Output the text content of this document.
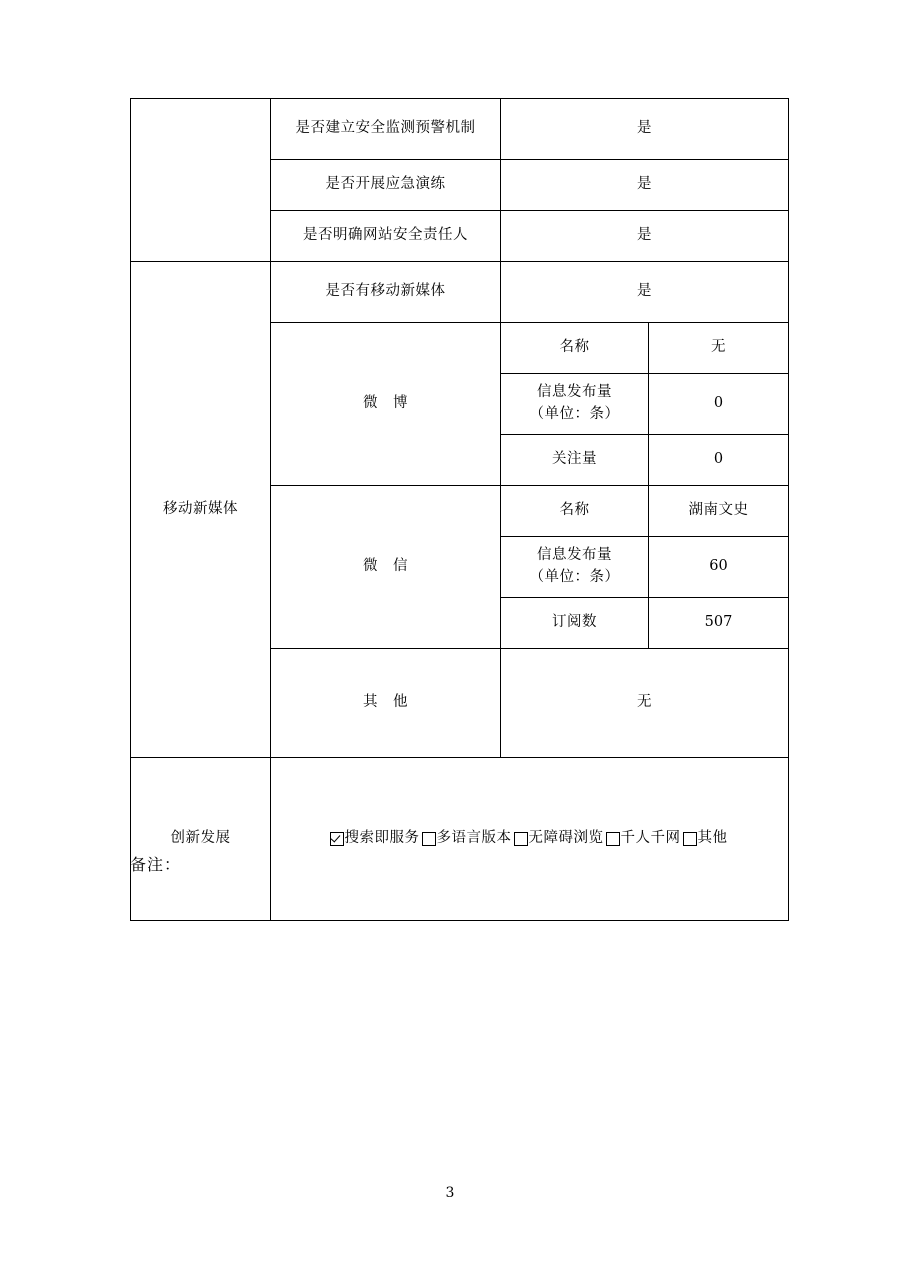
	是否建立安全监测预警机制	是	
	是否开展应急演练	是	
	是否明确网站安全责任人	是	
移动新媒体	是否有移动新媒体	是	
	微　博	名称	无

		信息发布量
（单位：条）	0
		关注量	0
	微　信	名称	湖南文史

		信息发布量
（单位：条）	60
		订阅数	507
	其　他	无	
创新发展	搜索即服务 多语言版本 无障碍浏览 千人千网 其他		
备注：
3
